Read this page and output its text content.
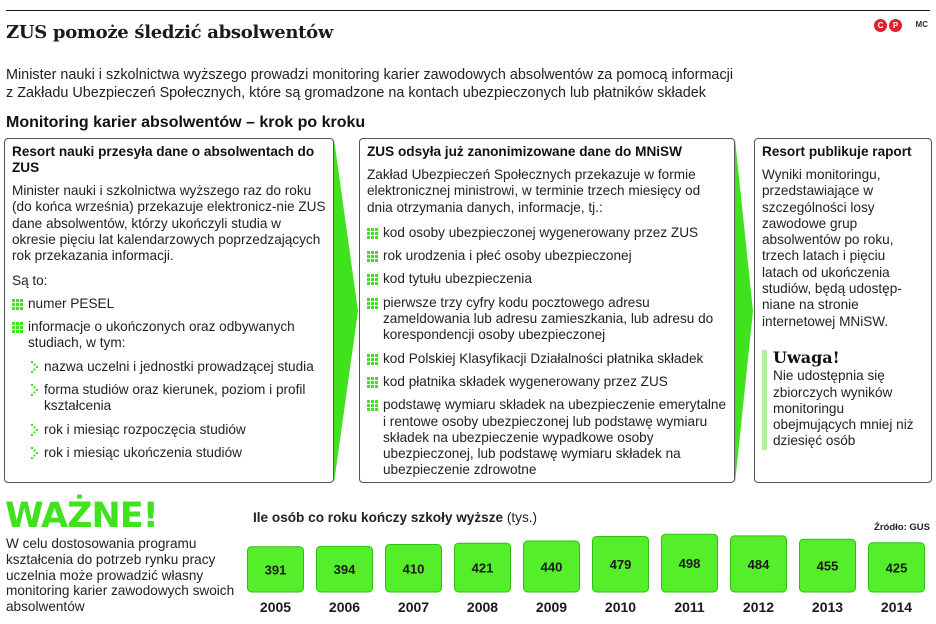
ZUS pomoże śledzić absolwentów	C	P	MC
Minister nauki i szkolnictwa wyższego prowadzi monitoring karier zawodowych absolwentów za pomocą informacji
z Zakładu Ubezpieczeń Społecznych, które są gromadzone na kontach ubezpieczonych lub płatników składek
Monitoring karier absolwentów – krok po kroku
Resort nauki przesyła dane o absolwentach do ZUS
Minister nauki i szkolnictwa wyższego raz do roku (do końca września) przekazuje elektronicz-nie ZUS dane absolwentów, którzy ukończyli studia w okresie pięciu lat kalendarzowych poprzedzających rok przekazania informacji.
Są to:
numer PESEL
informacje o ukończonych oraz odbywanych studiach, w tym:
nazwa uczelni i jednostki prowadzącej studia
forma studiów oraz kierunek, poziom i profil kształcenia
rok i miesiąc rozpoczęcia studiów
rok i miesiąc ukończenia studiów
ZUS odsyła już zanonimizowane dane do MNiSW
Zakład Ubezpieczeń Społecznych przekazuje w formie elektronicznej ministrowi, w terminie trzech miesięcy od dnia otrzymania danych, informacje, tj.:
kod osoby ubezpieczonej wygenerowany przez ZUS
rok urodzenia i płeć osoby ubezpieczonej
kod tytułu ubezpieczenia
pierwsze trzy cyfry kodu pocztowego adresu zameldowania lub adresu zamieszkania, lub adresu do korespondencji osoby ubezpieczonej
kod Polskiej Klasyfikacji Działalności płatnika składek
kod płatnika składek wygenerowany przez ZUS
podstawę wymiaru składek na ubezpieczenie emerytalne i rentowe osoby ubezpieczonej lub podstawę wymiaru składek na ubezpieczenie wypadkowe osoby ubezpieczonej, lub podstawę wymiaru składek na ubezpieczenie zdrowotne
Resort publikuje raport
Wyniki monitoringu, przedstawiające w szczególności losy zawodowe grup absolwentów po roku, trzech latach i pięciu latach od ukończenia studiów, będą udostęp-niane na stronie internetowej MNiSW.
Uwaga!
Nie udostępnia się zbiorczych wyników monitoringu obejmujących mniej niż dziesięć osób
WAŻNE!
W celu dostosowania programu kształcenia do potrzeb rynku pracy uczelnia może prowadzić własny monitoring karier zawodowych swoich absolwentów
Ile osób co roku kończy szkoły wyższe (tys.)
Źródło: GUS
391
2005
394
2006
410
2007
421
2008
440
2009
479
2010
498
2011
484
2012
455
2013
425
2014
